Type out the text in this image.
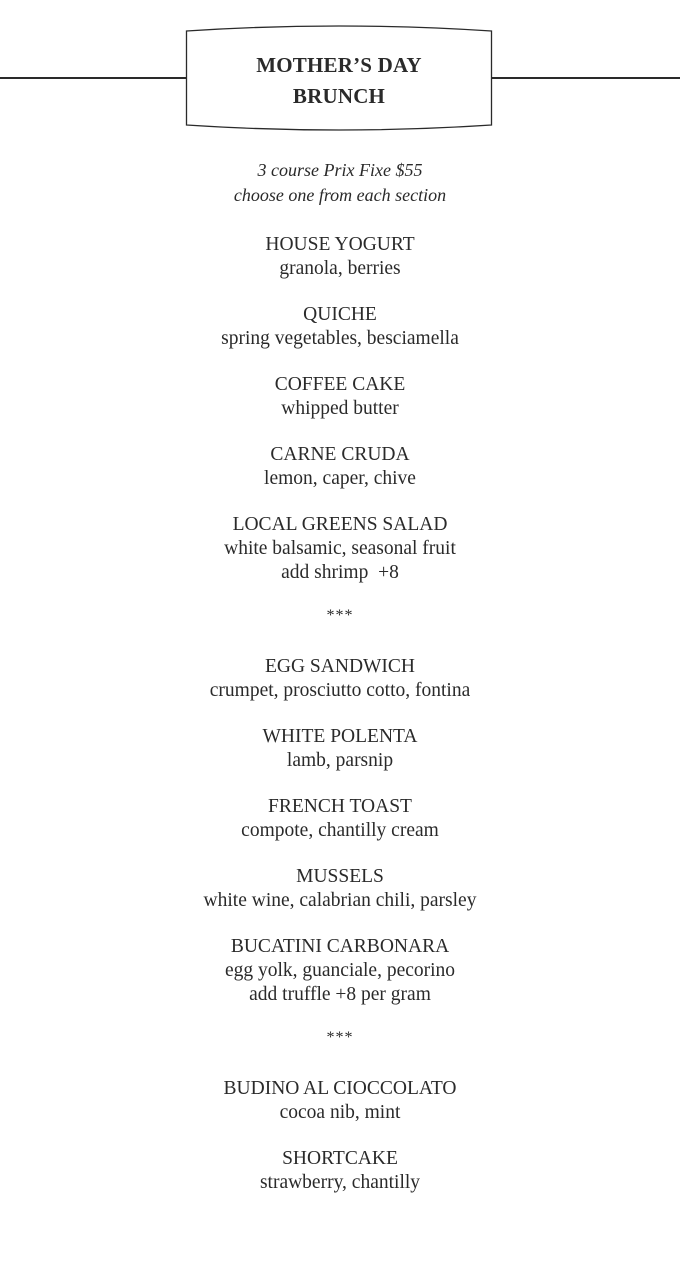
MOTHER’S DAY
BRUNCH
3 course Prix Fixe $55
choose one from each section
HOUSE YOGURT
granola, berries
QUICHE
spring vegetables, besciamella
COFFEE CAKE
whipped butter
CARNE CRUDA
lemon, caper, chive
LOCAL GREENS SALAD
white balsamic, seasonal fruit
add shrimp  +8
***
EGG SANDWICH
crumpet, prosciutto cotto, fontina
WHITE POLENTA
lamb, parsnip
FRENCH TOAST
compote, chantilly cream
MUSSELS
white wine, calabrian chili, parsley
BUCATINI CARBONARA
egg yolk, guanciale, pecorino
add truffle +8 per gram
***
BUDINO AL CIOCCOLATO
cocoa nib, mint
SHORTCAKE
strawberry, chantilly
